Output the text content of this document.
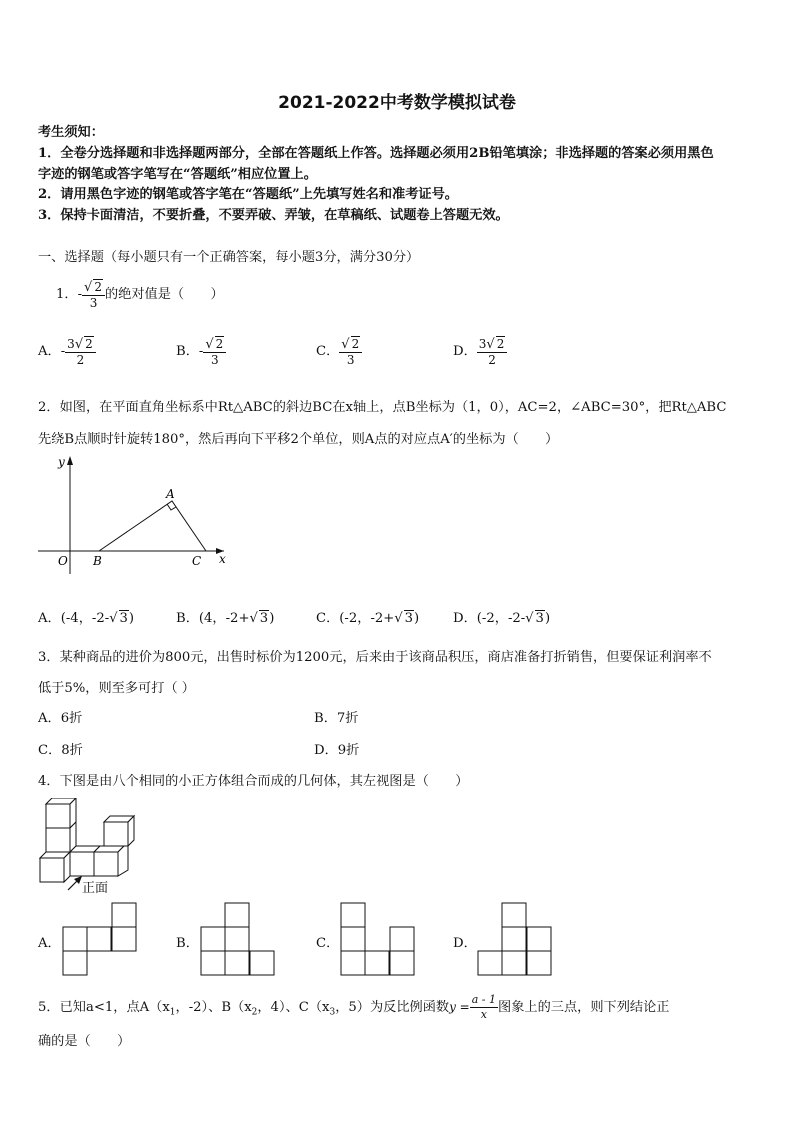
2021-2022中考数学模拟试卷
考生须知：
1．全卷分选择题和非选择题两部分，全部在答题纸上作答。选择题必须用2B铅笔填涂；非选择题的答案必须用黑色
字迹的钢笔或答字笔写在“答题纸”相应位置上。
2．请用黑色字迹的钢笔或答字笔在“答题纸”上先填写姓名和准考证号。
3．保持卡面清洁，不要折叠，不要弄破、弄皱，在草稿纸、试题卷上答题无效。
一、选择题（每小题只有一个正确答案，每小题3分，满分30分）
1．- $\frac{√ 2}{3}$ 的绝对值是（　　）
A．- $\frac{3√ 2}{2}$	B．- $\frac{√ 2}{3}$	C． $\frac{√ 2}{3}$	D． $\frac{3√ 2}{2}$
2．如图，在平面直角坐标系中Rt△ABC的斜边BC在x轴上，点B坐标为（1，0），AC=2，∠ABC=30°，把Rt△ABC
先绕B点顺时针旋转180°，然后再向下平移2个单位，则A点的对应点A′的坐标为（　　）
y
x
O B	C
A
A．(-4，-2-√ 3)	B．(4，-2+√ 3)	C．(-2，-2+√ 3)	D．(-2，-2-√ 3)
3．某种商品的进价为800元，出售时标价为1200元，后来由于该商品积压，商店准备打折销售，但要保证利润率不
低于5%，则至多可打（ ）
A．6折	B．7折
C．8折	D．9折
4．下图是由八个相同的小正方体组合而成的几何体，其左视图是（　　）
正面
A．	B．	C．	D．
5．已知a<1，点$A(x_1$，-2）、$B(x_2$，4）、$C(x_3$，5）为反比例函数$y = \frac{a - 1}{x}$ 图象上的三点，则下列结论正
确的是（　　）
